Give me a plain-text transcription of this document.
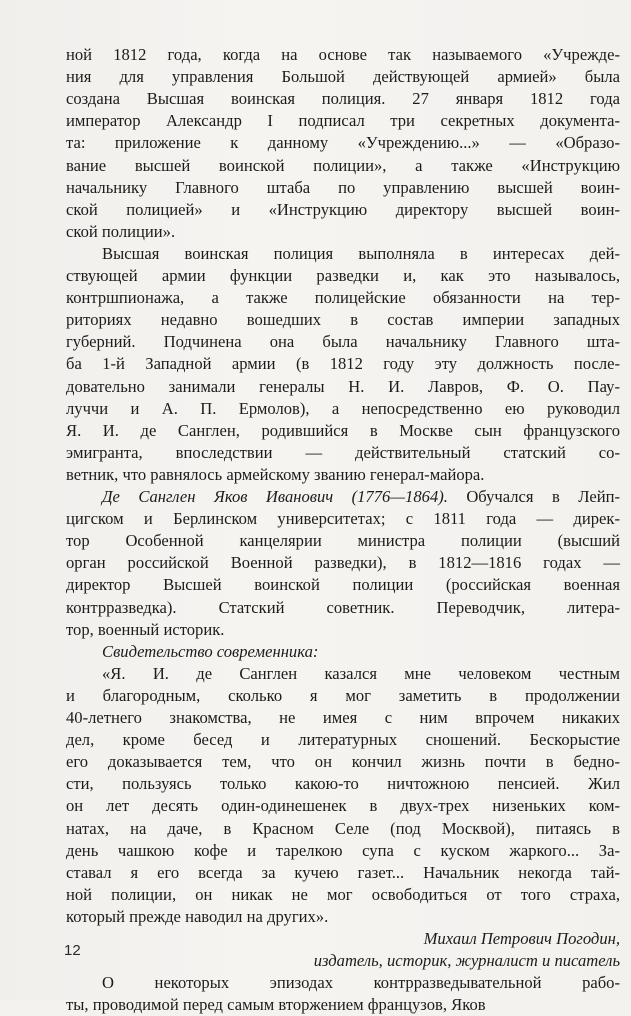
ной 1812 года, когда на основе так называемого «Учрежде-
ния для управления Большой действующей армией» была
создана Высшая воинская полиция. 27 января 1812 года
император Александр I подписал три секретных документа-
та: приложение к данному «Учреждению...» — «Образо-
вание высшей воинской полиции», а также «Инструкцию
начальнику Главного штаба по управлению высшей воин-
ской полицией» и «Инструкцию директору высшей воин-
ской полиции».
Высшая воинская полиция выполняла в интересах дей-
ствующей армии функции разведки и, как это называлось,
контршпионажа, а также полицейские обязанности на тер-
риториях недавно вошедших в состав империи западных
губерний. Подчинена она была начальнику Главного шта-
ба 1-й Западной армии (в 1812 году эту должность после-
довательно занимали генералы Н. И. Лавров, Ф. О. Пау-
луччи и А. П. Ермолов), а непосредственно ею руководил
Я. И. де Санглен, родившийся в Москве сын французского
эмигранта, впоследствии — действительный статский со-
ветник, что равнялось армейскому званию генерал-майора.
Де Санглен Яков Иванович (1776—1864). Обучался в Лейп-
цигском и Берлинском университетах; с 1811 года — дирек-
тор Особенной канцелярии министра полиции (высший
орган российской Военной разведки), в 1812—1816 годах —
директор Высшей воинской полиции (российская военная
контрразведка). Статский советник. Переводчик, литера-
тор, военный историк.
Свидетельство современника:
«Я. И. де Санглен казался мне человеком честным
и благородным, сколько я мог заметить в продолжении
40-летнего знакомства, не имея с ним впрочем никаких
дел, кроме бесед и литературных сношений. Бескорыстие
его доказывается тем, что он кончил жизнь почти в бедно-
сти, пользуясь только какою-то ничтожною пенсией. Жил
он лет десять один-одинешенек в двух-трех низеньких ком-
натах, на даче, в Красном Селе (под Москвой), питаясь в
день чашкою кофе и тарелкою супа с куском жаркого... За-
ставал я его всегда за кучею газет... Начальник некогда тай-
ной полиции, он никак не мог освободиться от того страха,
который прежде наводил на других».
Михаил Петрович Погодин,
издатель, историк, журналист и писатель
О некоторых эпизодах контрразведывательной рабо-
ты, проводимой перед самым вторжением французов, Яков
12
